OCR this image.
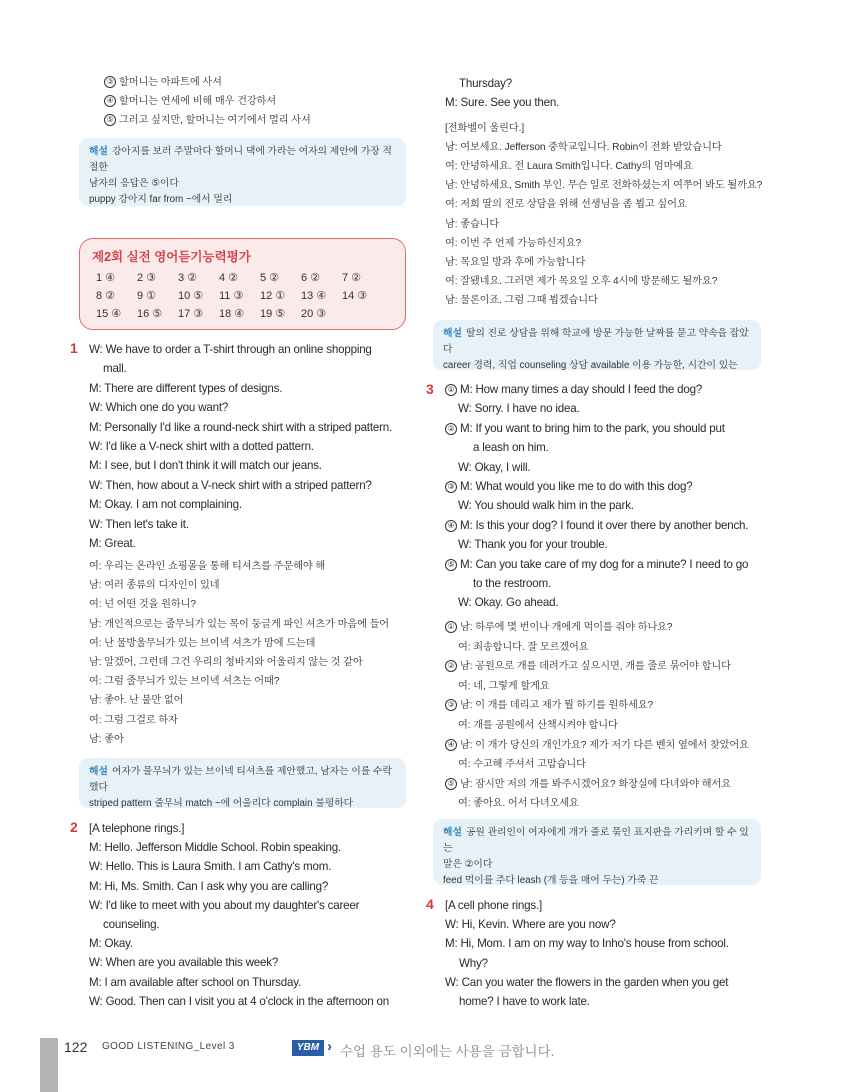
③ 할머니는 아파트에 사셔
④ 할머니는 연세에 비해 매우 건강하셔
⑤ 그러고 싶지만, 할머니는 여기에서 멀리 사셔
해설 강아지를 보러 주말마다 할머니 댁에 가라는 여자의 제안에 가장 적절한
남자의 응답은 ⑤이다
puppy 강아지 far from ~에서 멀리
제2회 실전 영어듣기능력평가
1 ④ 2 ③ 3 ② 4 ② 5 ② 6 ② 7 ②
8 ② 9 ① 10 ⑤ 11 ③ 12 ① 13 ④ 14 ③
15 ④ 16 ⑤ 17 ③ 18 ④ 19 ⑤ 20 ③
1 W: We have to order a T-shirt through an online shopping
mall.
M: There are different types of designs.
W: Which one do you want?
M: Personally I'd like a round-neck shirt with a striped pattern.
W: I'd like a V-neck shirt with a dotted pattern.
M: I see, but I don't think it will match our jeans.
W: Then, how about a V-neck shirt with a striped pattern?
M: Okay. I am not complaining.
W: Then let's take it.
M: Great.
여: 우리는 온라인 쇼핑몰을 통해 티셔츠를 주문해야 해
남: 여러 종류의 디자인이 있네
여: 넌 어떤 것을 원하니?
남: 개인적으로는 줄무늬가 있는 목이 둥글게 파인 셔츠가 마음에 들어
여: 난 물방울무늬가 있는 브이넥 셔츠가 맘에 드는데
남: 알겠어, 그런데 그건 우리의 청바지와 어울리지 않는 것 같아
여: 그럼 줄무늬가 있는 브이넥 셔츠는 어때?
남: 좋아. 난 불만 없어
여: 그럼 그걸로 하자
남: 좋아
해설 여자가 물무늬가 있는 브이넥 티셔츠를 제안했고, 남자는 이를 수락했다
striped pattern 줄무늬 match ~에 어울리다 complain 불평하다
2 [A telephone rings.]
M: Hello. Jefferson Middle School. Robin speaking.
W: Hello. This is Laura Smith. I am Cathy's mom.
M: Hi, Ms. Smith. Can I ask why you are calling?
W: I'd like to meet with you about my daughter's career
counseling.
M: Okay.
W: When are you available this week?
M: I am available after school on Thursday.
W: Good. Then can I visit you at 4 o'clock in the afternoon on
Thursday?
M: Sure. See you then.
[전화벨이 울린다.]
남: 여보세요. Jefferson 중학교입니다. Robin이 전화 받았습니다
여: 안녕하세요. 전 Laura Smith입니다. Cathy의 엄마예요
남: 안녕하세요, Smith 부인. 무슨 일로 전화하셨는지 여쭈어 봐도 될까요?
여: 저희 딸의 진로 상담을 위해 선생님을 좀 뵙고 싶어요
남: 좋습니다
여: 이번 주 언제 가능하신지요?
남: 목요일 방과 후에 가능합니다
여: 잘됐네요. 그러면 제가 목요일 오후 4시에 방문해도 될까요?
남: 물론이죠. 그럼 그때 뵙겠습니다
해설 딸의 진로 상담을 위해 학교에 방문 가능한 날짜를 묻고 약속을 잡았다
career 경력, 직업 counseling 상담 available 이용 가능한, 시간이 있는
3	① M: How many times a day should I feed the dog?
W: Sorry. I have no idea.
② M: If you want to bring him to the park, you should put
a leash on him.
W: Okay, I will.
③ M: What would you like me to do with this dog?
W: You should walk him in the park.
④ M: Is this your dog? I found it over there by another bench.
W: Thank you for your trouble.
⑤ M: Can you take care of my dog for a minute? I need to go
to the restroom.
W: Okay. Go ahead.
① 남: 하루에 몇 번이나 개에게 먹이를 줘야 하나요?
여: 죄송합니다. 잘 모르겠어요
② 남: 공원으로 개를 데려가고 싶으시면, 개를 줄로 묶어야 합니다
여: 네, 그렇게 할게요
③ 남: 이 개를 데리고 제가 뭘 하기를 원하세요?
여: 개를 공원에서 산책시켜야 합니다
④ 남: 이 개가 당신의 개인가요? 제가 저기 다른 벤치 옆에서 찾았어요
여: 수고해 주셔서 고맙습니다
⑤ 남: 잠시만 저의 개를 봐주시겠어요? 화장실에 다녀와야 해서요
여: 좋아요. 어서 다녀오세요
해설 공원 관리인이 여자에게 개가 줄로 묶인 표지판을 가리키며 할 수 있는
말은 ②이다
feed 먹이를 주다 leash (개 등을 매어 두는) 가죽 끈
4 [A cell phone rings.]
W: Hi, Kevin. Where are you now?
M: Hi, Mom. I am on my way to Inho's house from school.
Why?
W: Can you water the flowers in the garden when you get
home? I have to work late.
122 GOOD LISTENING_Level 3	YBM › 수업 용도 이외에는 사용을 금합니다.
